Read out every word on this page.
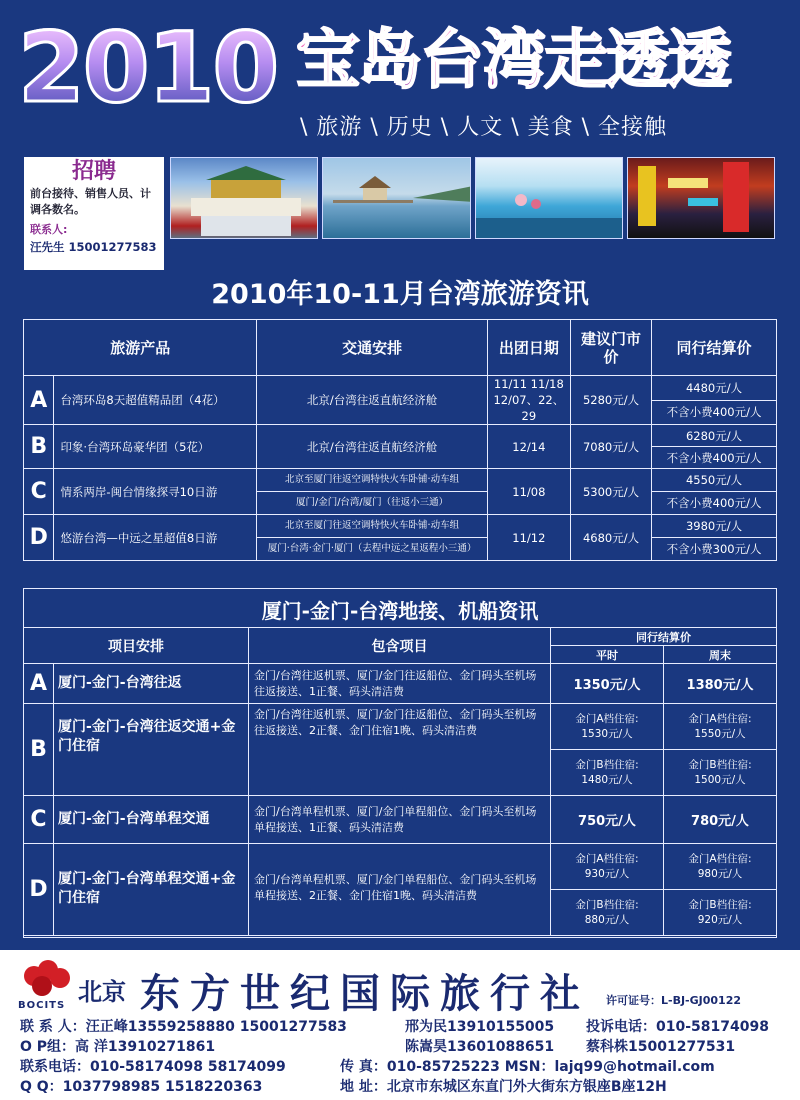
2010 宝岛台湾走透透
\ 旅游 \ 历史 \ 人文 \ 美食 \ 全接触
招聘
前台接待、销售人员、计调各数名。
联系人:
汪先生 15001277583
2010年10-11月台湾旅游资讯
旅游产品		交通安排	出团日期	建议门市价	同行结算价
A	台湾环岛8天超值精品团（4花）	北京/台湾往返直航经济舱	11/11 11/18
12/07、22、29	5280元/人	4480元/人
					不含小费400元/人
B	印象·台湾环岛豪华团（5花）	北京/台湾往返直航经济舱	12/14	7080元/人	6280元/人
					不含小费400元/人
C	情系两岸-闽台情缘探寻10日游	北京至厦门往返空调特快火车卧铺·动车组
厦门/金门/台湾/厦门（往返小三通）	11/08	5300元/人	4550元/人
					不含小费400元/人
D	悠游台湾—中远之星超值8日游	北京至厦门往返空调特快火车卧铺·动车组
厦门·台湾·金门·厦门（去程中远之星返程小三通）	11/12	4680元/人	3980元/人
					不含小费300元/人
厦门-金门-台湾地接、机船资讯
项目安排		包含项目	同行结算价	
			平时	周末
A	厦门-金门-台湾往返	金门/台湾往返机票、厦门/金门往返船位、金门码头至机场往返接送、1正餐、码头清洁费	1350元/人	1380元/人
B	厦门-金门-台湾往返交通+金门住宿	金门/台湾往返机票、厦门/金门往返船位、金门码头至机场往返接送、2正餐、金门住宿1晚、码头清洁费	金门A档住宿:
1530元/人	金门A档住宿:
1550元/人
			金门B档住宿:
1480元/人	金门B档住宿:
1500元/人
C	厦门-金门-台湾单程交通	金门/台湾单程机票、厦门/金门单程船位、金门码头至机场单程接送、1正餐、码头清洁费	750元/人	780元/人
D	厦门-金门-台湾单程交通+金门住宿	金门/台湾单程机票、厦门/金门单程船位、金门码头至机场单程接送、2正餐、金门住宿1晚、码头清洁费	金门A档住宿:
930元/人	金门A档住宿:
980元/人
			金门B档住宿:
880元/人	金门B档住宿:
920元/人
BOCITS 北京 东方世纪国际旅行社 许可证号：L-BJ-GJ00122
联 系 人：汪正峰13559258880 15001277583	邢为民13910155005 投诉电话：010-58174098
O P组：高 洋13910271861	陈嵩昊13601088651 蔡科株15001277531
联系电话：010-58174098 58174099	传 真：010-85725223 MSN：lajq99@hotmail.com
Q Q：1037798985 1518220363	地 址：北京市东城区东直门外大街东方银座B座12H
